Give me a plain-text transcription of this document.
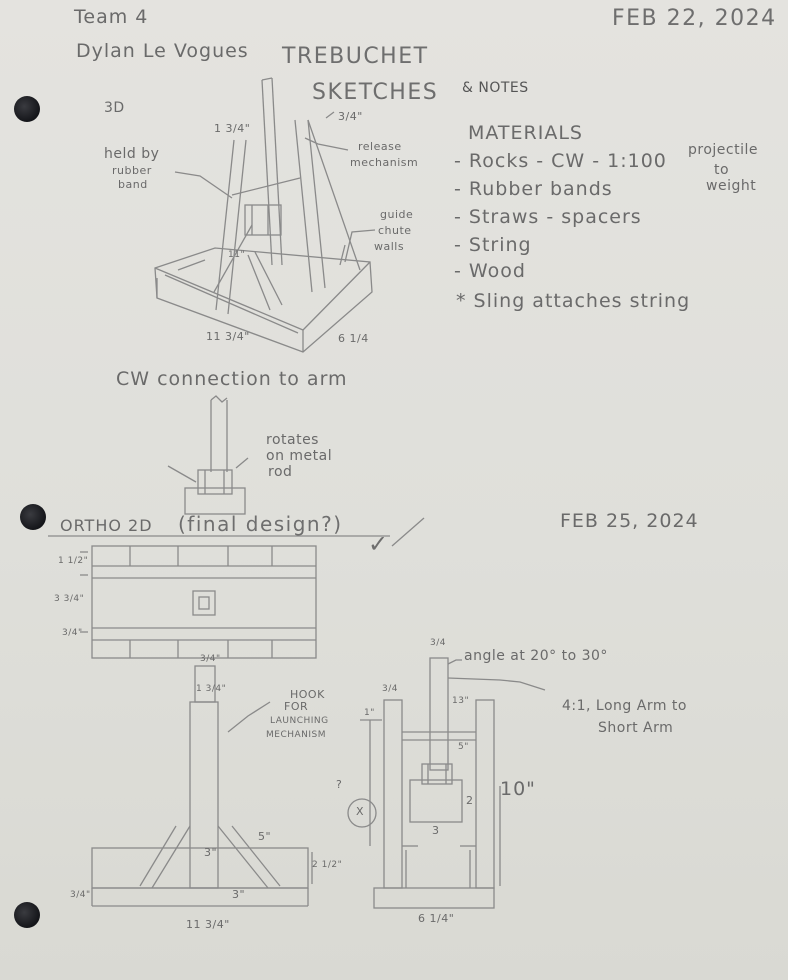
Team 4

Dylan Le Vogues

FEB 22, 2024

TREBUCHET

SKETCHES & NOTES

3D

held by

rubber

band

1 3/4"

3/4"

release

mechanism

guide

chute

walls

11"

11 3/4"	6 1/4

MATERIALS

- Rocks - CW - 1:100 projectile

to

weight

- Rubber bands

- Straws - spacers

- String

- Wood

* Sling attaches string

CW connection to arm

rotates

on metal

rod

ORTHO 2D (final design?)

✓

FEB 25, 2024

1 1/2"

3 3/4"

3/4"

3/4"

1 3/4"	HOOK

FOR

LAUNCHING

MECHANISM

5"

3"

2 1/2"

3"

3/4"

11 3/4"

3/4

angle at 20° to 30°

4:1, Long Arm to

Short Arm

3/4

1"

13"

5"

10"

2

3

?

X

6 1/4"
